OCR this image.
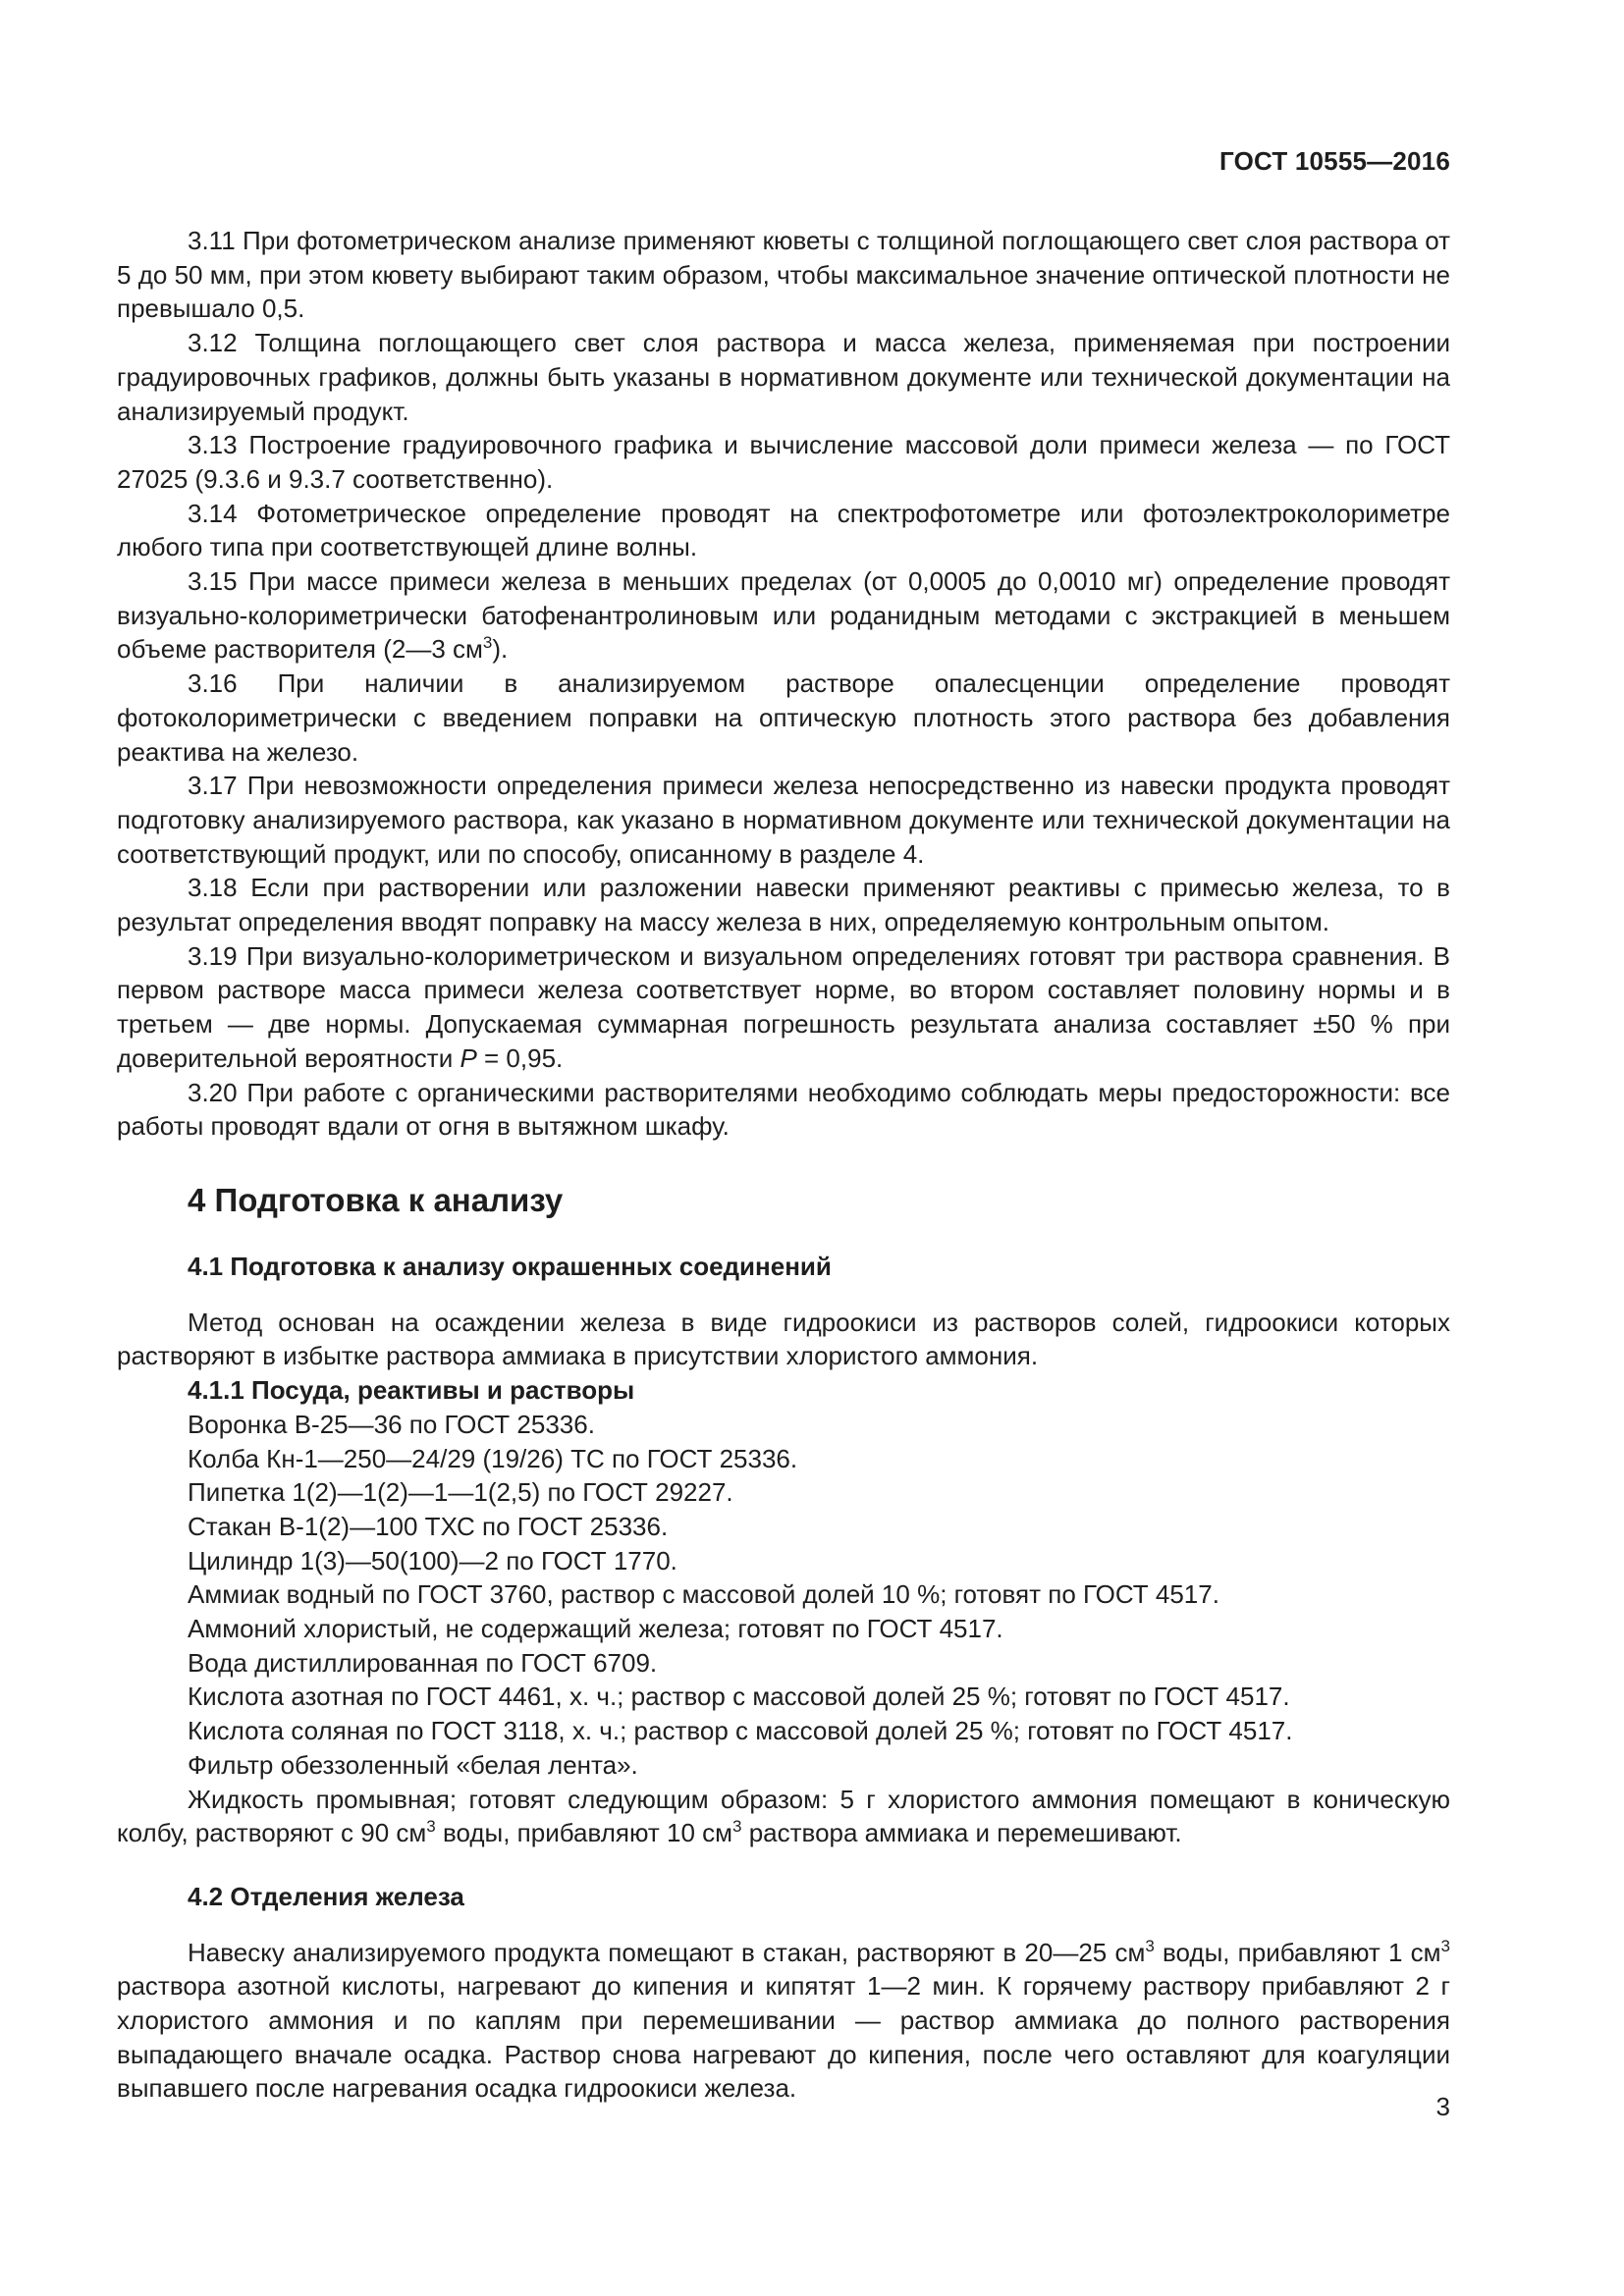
ГОСТ 10555—2016

3.11 При фотометрическом анализе применяют кюветы с толщиной поглощающего свет слоя раствора от 5 до 50 мм, при этом кювету выбирают таким образом, чтобы максимальное значение оптической плотности не превышало 0,5.

3.12 Толщина поглощающего свет слоя раствора и масса железа, применяемая при построении градуировочных графиков, должны быть указаны в нормативном документе или технической документации на анализируемый продукт.

3.13 Построение градуировочного графика и вычисление массовой доли примеси железа — по ГОСТ 27025 (9.3.6 и 9.3.7 соответственно).

3.14 Фотометрическое определение проводят на спектрофотометре или фотоэлектроколориметре любого типа при соответствующей длине волны.

3.15 При массе примеси железа в меньших пределах (от 0,0005 до 0,0010 мг) определение проводят визуально-колориметрически батофенантролиновым или роданидным методами с экстракцией в меньшем объеме растворителя (2—3 $см^3$).

3.16 При наличии в анализируемом растворе опалесценции определение проводят фотоколориметрически с введением поправки на оптическую плотность этого раствора без добавления реактива на железо.

3.17 При невозможности определения примеси железа непосредственно из навески продукта проводят подготовку анализируемого раствора, как указано в нормативном документе или технической документации на соответствующий продукт, или по способу, описанному в разделе 4.

3.18 Если при растворении или разложении навески применяют реактивы с примесью железа, то в результат определения вводят поправку на массу железа в них, определяемую контрольным опытом.

3.19 При визуально-колориметрическом и визуальном определениях готовят три раствора сравнения. В первом растворе масса примеси железа соответствует норме, во втором составляет половину нормы и в третьем — две нормы. Допускаемая суммарная погрешность результата анализа составляет ±50 % при доверительной вероятности P = 0,95.

3.20 При работе с органическими растворителями необходимо соблюдать меры предосторожности: все работы проводят вдали от огня в вытяжном шкафу.

4 Подготовка к анализу
4.1 Подготовка к анализу окрашенных соединений

Метод основан на осаждении железа в виде гидроокиси из растворов солей, гидроокиси которых растворяют в избытке раствора аммиака в присутствии хлористого аммония.

4.1.1 Посуда, реактивы и растворы
Воронка В-25—36 по ГОСТ 25336.
Колба Кн-1—250—24/29 (19/26) ТС по ГОСТ 25336.
Пипетка 1(2)—1(2)—1—1(2,5) по ГОСТ 29227.
Стакан В-1(2)—100 ТХС по ГОСТ 25336.
Цилиндр 1(3)—50(100)—2 по ГОСТ 1770.
Аммиак водный по ГОСТ 3760, раствор с массовой долей 10 %; готовят по ГОСТ 4517.
Аммоний хлористый, не содержащий железа; готовят по ГОСТ 4517.
Вода дистиллированная по ГОСТ 6709.
Кислота азотная по ГОСТ 4461, х. ч.; раствор с массовой долей 25 %; готовят по ГОСТ 4517.
Кислота соляная по ГОСТ 3118, х. ч.; раствор с массовой долей 25 %; готовят по ГОСТ 4517.
Фильтр обеззоленный «белая лента».

Жидкость промывная; готовят следующим образом: 5 г хлористого аммония помещают в коническую колбу, растворяют с 90 $см^3$ воды, прибавляют 10 $см^3$ раствора аммиака и перемешивают.

4.2 Отделения железа

Навеску анализируемого продукта помещают в стакан, растворяют в 20—25 $см^3$ воды, прибавляют 1 $см^3$ раствора азотной кислоты, нагревают до кипения и кипятят 1—2 мин. К горячему раствору прибавляют 2 г хлористого аммония и по каплям при перемешивании — раствор аммиака до полного растворения выпадающего вначале осадка. Раствор снова нагревают до кипения, после чего оставляют для коагуляции выпавшего после нагревания осадка гидроокиси железа.

3
